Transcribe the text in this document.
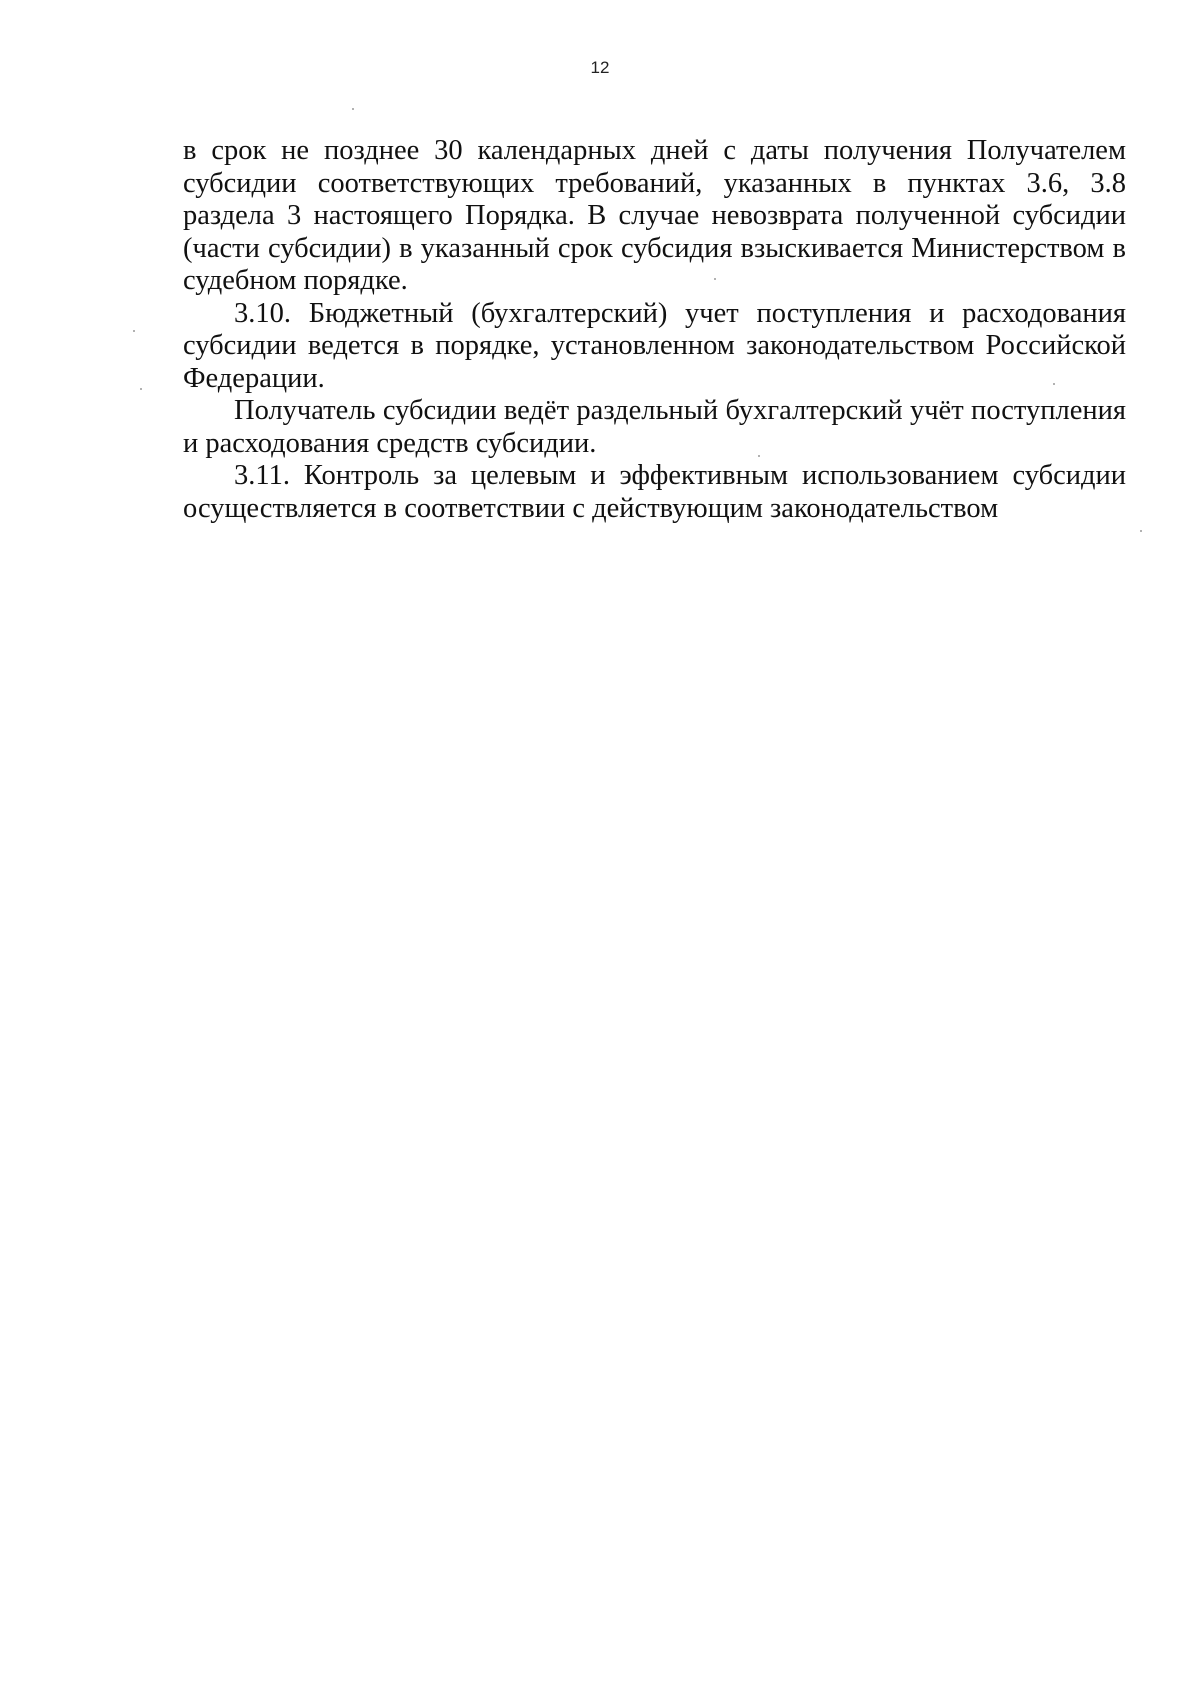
12

в срок не позднее 30 календарных дней с даты получения Получателем субсидии соответствующих требований, указанных в пунктах 3.6, 3.8 раздела 3 настоящего Порядка. В случае невозврата полученной субсидии (части субсидии) в указанный срок субсидия взыскивается Министерством в судебном порядке.

3.10. Бюджетный (бухгалтерский) учет поступления и расходования субсидии ведется в порядке, установленном законодательством Российской Федерации.

Получатель субсидии ведёт раздельный бухгалтерский учёт поступления и расходования средств субсидии.

3.11. Контроль за целевым и эффективным использованием субсидии осуществляется в соответствии с действующим законодательством
